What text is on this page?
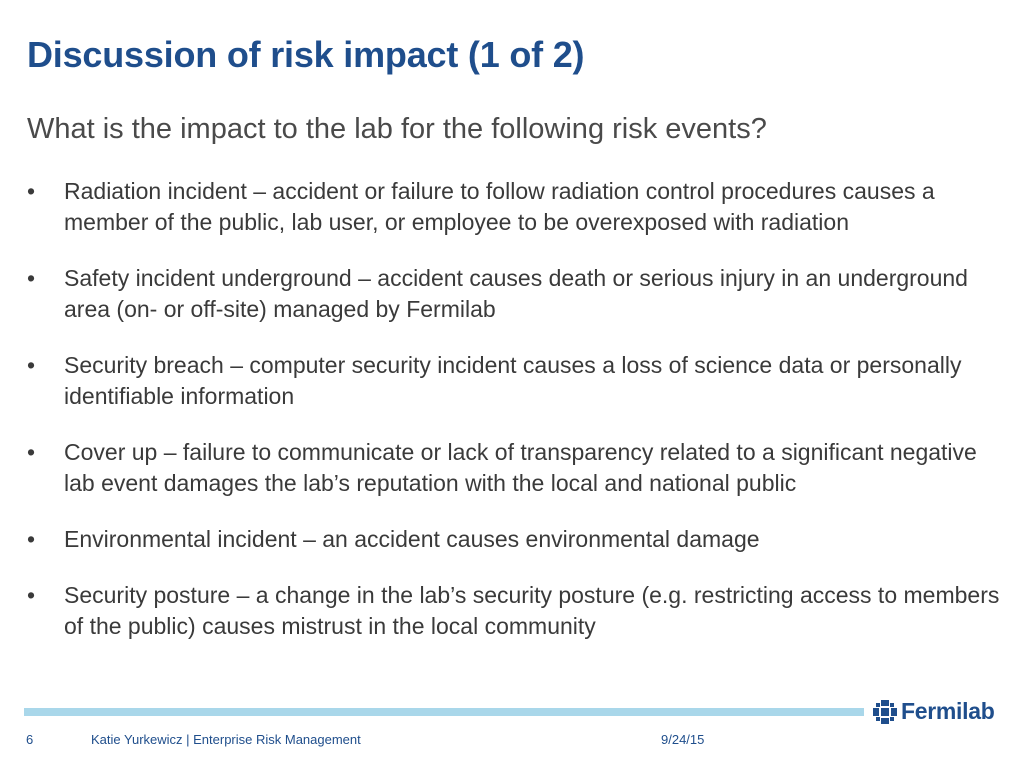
Discussion of risk impact (1 of 2)
What is the impact to the lab for the following risk events?
•	Radiation incident – accident or failure to follow radiation control procedures causes a member of the public, lab user, or employee to be overexposed with radiation
•	Safety incident underground – accident causes death or serious injury in an underground area (on- or off-site) managed by Fermilab
•	Security breach – computer security incident causes a loss of science data or personally identifiable information
•	Cover up – failure to communicate or lack of transparency related to a significant negative lab event damages the lab’s reputation with the local and national public
•	Environmental incident – an accident causes environmental damage
•	Security posture – a change in the lab’s security posture (e.g. restricting access to members of the public) causes mistrust in the local community
Fermilab
6	Katie Yurkewicz | Enterprise Risk Management	9/24/15
